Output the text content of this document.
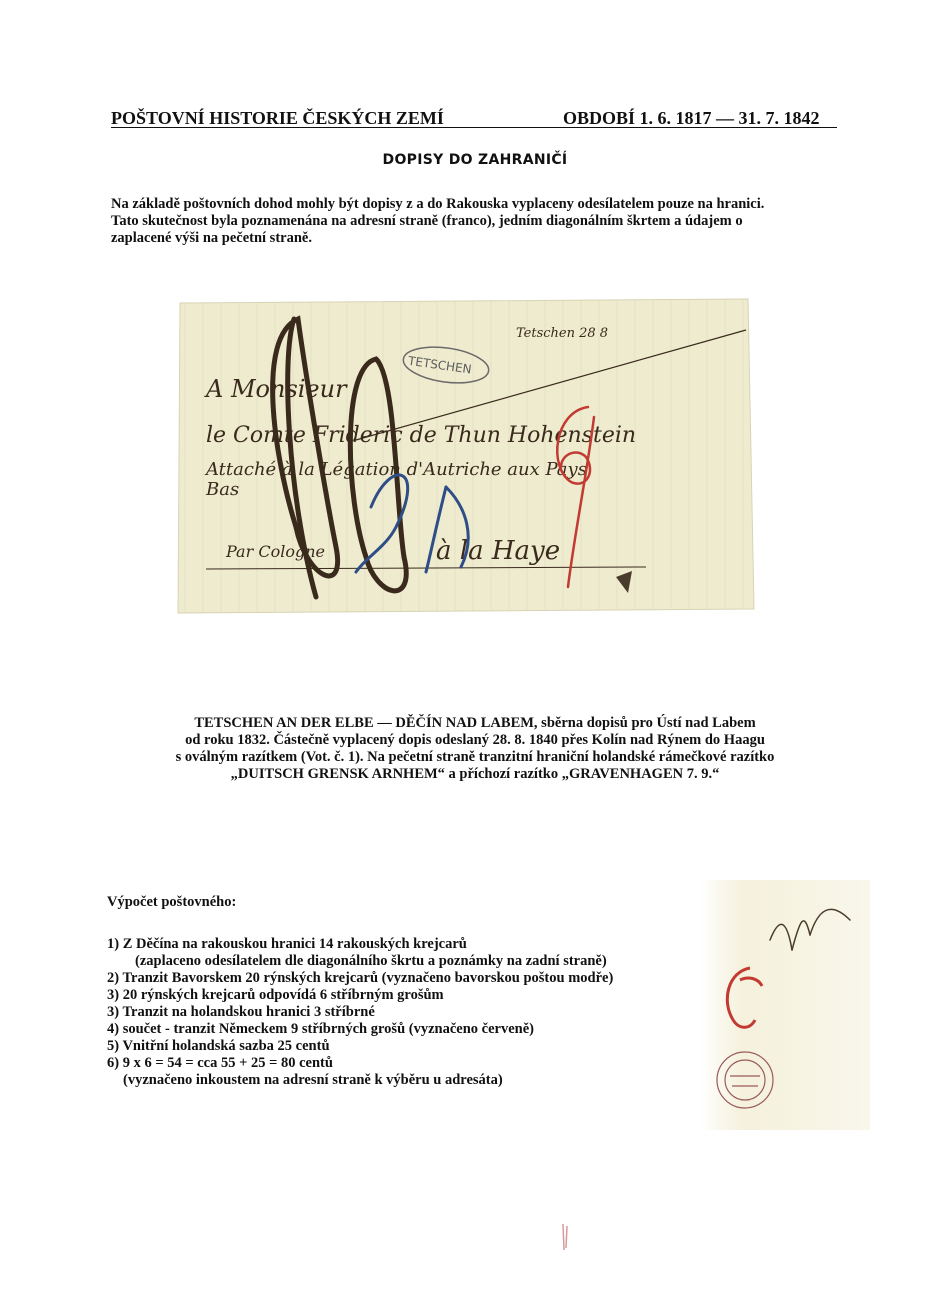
POŠTOVNÍ HISTORIE ČESKÝCH ZEMÍ	OBDOBÍ 1. 6. 1817 — 31. 7. 1842
DOPISY DO ZAHRANIČÍ
Na základě poštovních dohod mohly být dopisy z a do Rakouska vyplaceny odesílatelem pouze na hranici.
Tato skutečnost byla poznamenána na adresní straně (franco), jedním diagonálním škrtem a údajem o
zaplacené výši na pečetní straně.
TETSCHEN
Tetschen 28 8
A Monsieur
le Comte Frideric de Thun Hohenstein
Attaché à la Légation d'Autriche aux Pays
Bas
Par Cologne	à la Haye
TETSCHEN AN DER ELBE — DĚČÍN NAD LABEM, sběrna dopisů pro Ústí nad Labem
od roku 1832. Částečně vyplacený dopis odeslaný 28. 8. 1840 přes Kolín nad Rýnem do Haagu
s oválným razítkem (Vot. č. 1). Na pečetní straně tranzitní hraniční holandské rámečkové razítko
„DUITSCH GRENSK ARNHEM“ a příchozí razítko „GRAVENHAGEN 7. 9.“
Výpočet poštovného:
1) Z Děčína na rakouskou hranici 14 rakouských krejcarů
(zaplaceno odesílatelem dle diagonálního škrtu a poznámky na zadní straně)
2) Tranzit Bavorskem 20 rýnských krejcarů (vyznačeno bavorskou poštou modře)
3) 20 rýnských krejcarů odpovídá 6 stříbrným grošům
3) Tranzit na holandskou hranici 3 stříbrné
4) součet - tranzit Německem 9 stříbrných grošů (vyznačeno červeně)
5) Vnitřní holandská sazba 25 centů
6) 9 x 6 = 54 = cca 55 + 25 = 80 centů
(vyznačeno inkoustem na adresní straně k výběru u adresáta)
